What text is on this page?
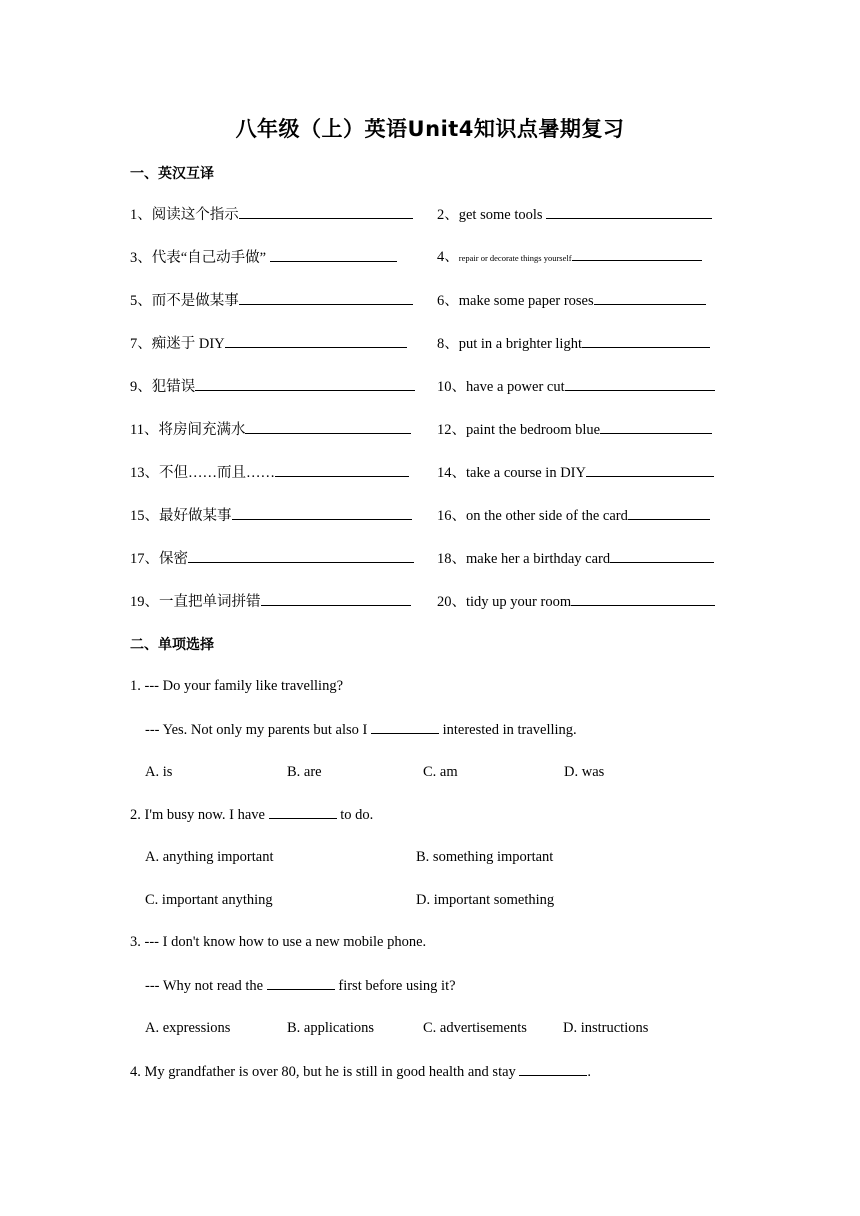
八年级（上）英语Unit4知识点暑期复习
一、英汉互译
1、阅读这个指示	2、get some tools
3、代表“自己动手做”	4、repair or decorate things yourself
5、而不是做某事	6、make some paper roses
7、痴迷于 DIY	8、put in a brighter light
9、犯错误	10、have a power cut
11、将房间充满水	12、paint the bedroom blue
13、不但……而且……	14、take a course in DIY
15、最好做某事	16、on the other side of the card
17、保密	18、make her a birthday card
19、一直把单词拼错	20、tidy up your room
二、单项选择
1. --- Do your family like travelling?
--- Yes. Not only my parents but also I	interested in travelling.
A. is	B. are	C. am	D. was
2. I'm busy now. I have	to do.
A. anything important	B. something important
C. important anything	D. important something
3. --- I don't know how to use a new mobile phone.
--- Why not read the	first before using it?
A. expressions	B. applications	C. advertisements D. instructions
4. My grandfather is over 80, but he is still in good health and stay	.
